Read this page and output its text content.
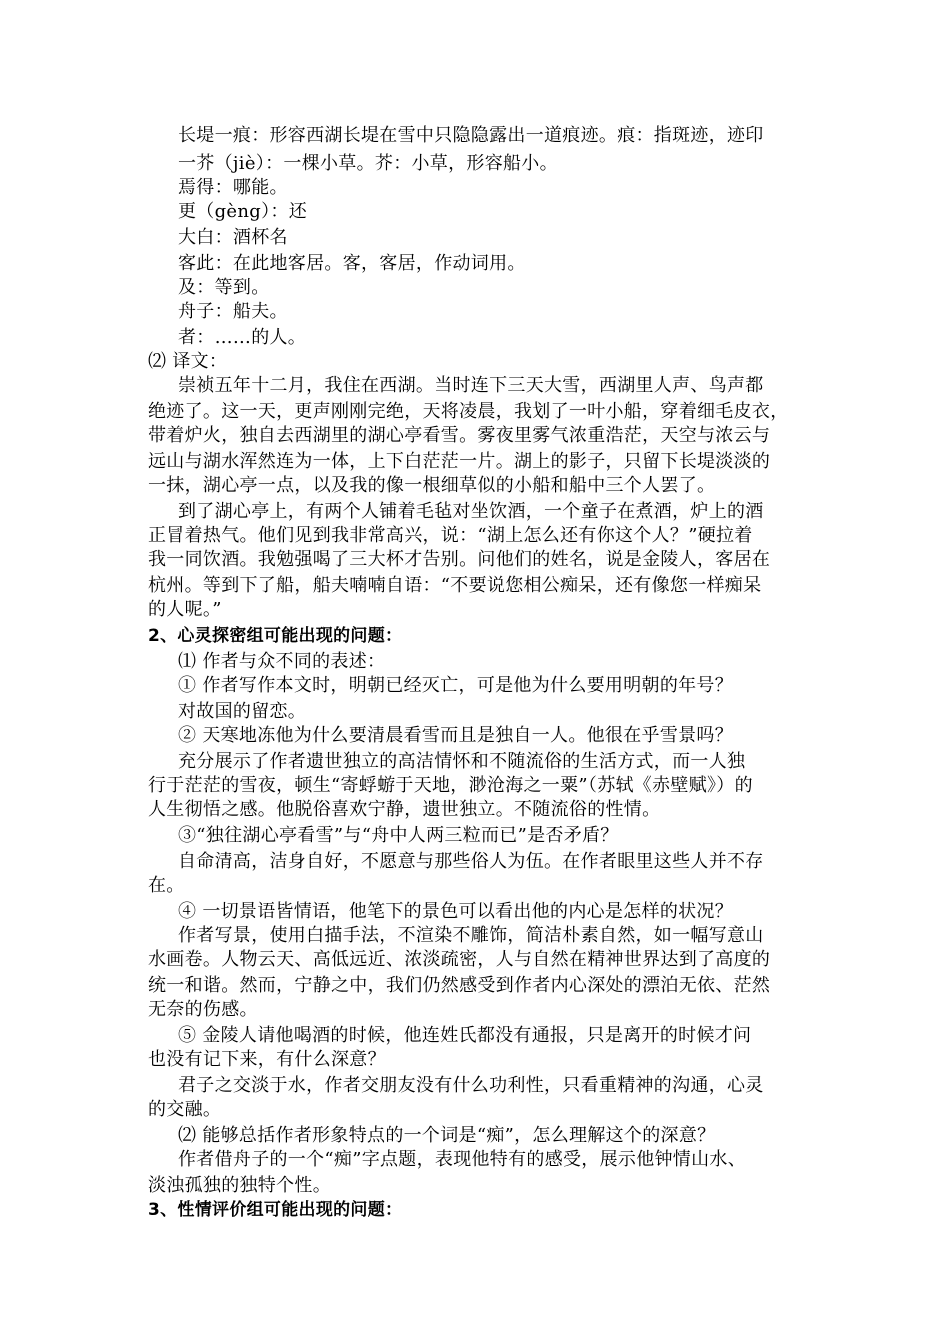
长堤一痕：形容西湖长堤在雪中只隐隐露出一道痕迹。痕：指斑迹，迹印
一芥（jiè）：一棵小草。芥：小草，形容船小。
焉得：哪能。
更（gèng）：还
大白：酒杯名
客此：在此地客居。客，客居，作动词用。
及：等到。
舟子：船夫。
者：……的人。
⑵ 译文：
崇祯五年十二月，我住在西湖。当时连下三天大雪，西湖里人声、鸟声都
绝迹了。这一天，更声刚刚完绝，天将凌晨，我划了一叶小船，穿着细毛皮衣，
带着炉火，独自去西湖里的湖心亭看雪。雾夜里雾气浓重浩茫，天空与浓云与
远山与湖水浑然连为一体，上下白茫茫一片。湖上的影子，只留下长堤淡淡的
一抹，湖心亭一点，以及我的像一根细草似的小船和船中三个人罢了。
到了湖心亭上，有两个人铺着毛毡对坐饮酒，一个童子在煮酒，炉上的酒
正冒着热气。他们见到我非常高兴，说：“湖上怎么还有你这个人？”硬拉着
我一同饮酒。我勉强喝了三大杯才告别。问他们的姓名，说是金陵人，客居在
杭州。等到下了船，船夫喃喃自语：“不要说您相公痴呆，还有像您一样痴呆
的人呢。”
2、心灵探密组可能出现的问题：
⑴ 作者与众不同的表述：
① 作者写作本文时，明朝已经灭亡，可是他为什么要用明朝的年号？
对故国的留恋。
② 天寒地冻他为什么要清晨看雪而且是独自一人。他很在乎雪景吗？
充分展示了作者遗世独立的高洁情怀和不随流俗的生活方式，而一人独
行于茫茫的雪夜，顿生“寄蜉蝣于天地，渺沧海之一粟”（苏轼《赤壁赋》）的
人生彻悟之感。他脱俗喜欢宁静，遗世独立。不随流俗的性情。
③“独往湖心亭看雪”与“舟中人两三粒而已”是否矛盾？
自命清高，洁身自好，不愿意与那些俗人为伍。在作者眼里这些人并不存
在。
④ 一切景语皆情语，他笔下的景色可以看出他的内心是怎样的状况？
作者写景，使用白描手法，不渲染不雕饰，简洁朴素自然，如一幅写意山
水画卷。人物云天、高低远近、浓淡疏密，人与自然在精神世界达到了高度的
统一和谐。然而，宁静之中，我们仍然感受到作者内心深处的漂泊无依、茫然
无奈的伤感。
⑤ 金陵人请他喝酒的时候，他连姓氏都没有通报，只是离开的时候才问
也没有记下来，有什么深意？
君子之交淡于水，作者交朋友没有什么功利性，只看重精神的沟通，心灵
的交融。
⑵ 能够总括作者形象特点的一个词是“痴”，怎么理解这个的深意？
作者借舟子的一个“痴”字点题，表现他特有的感受，展示他钟情山水、
淡浊孤独的独特个性。
3、性情评价组可能出现的问题：
